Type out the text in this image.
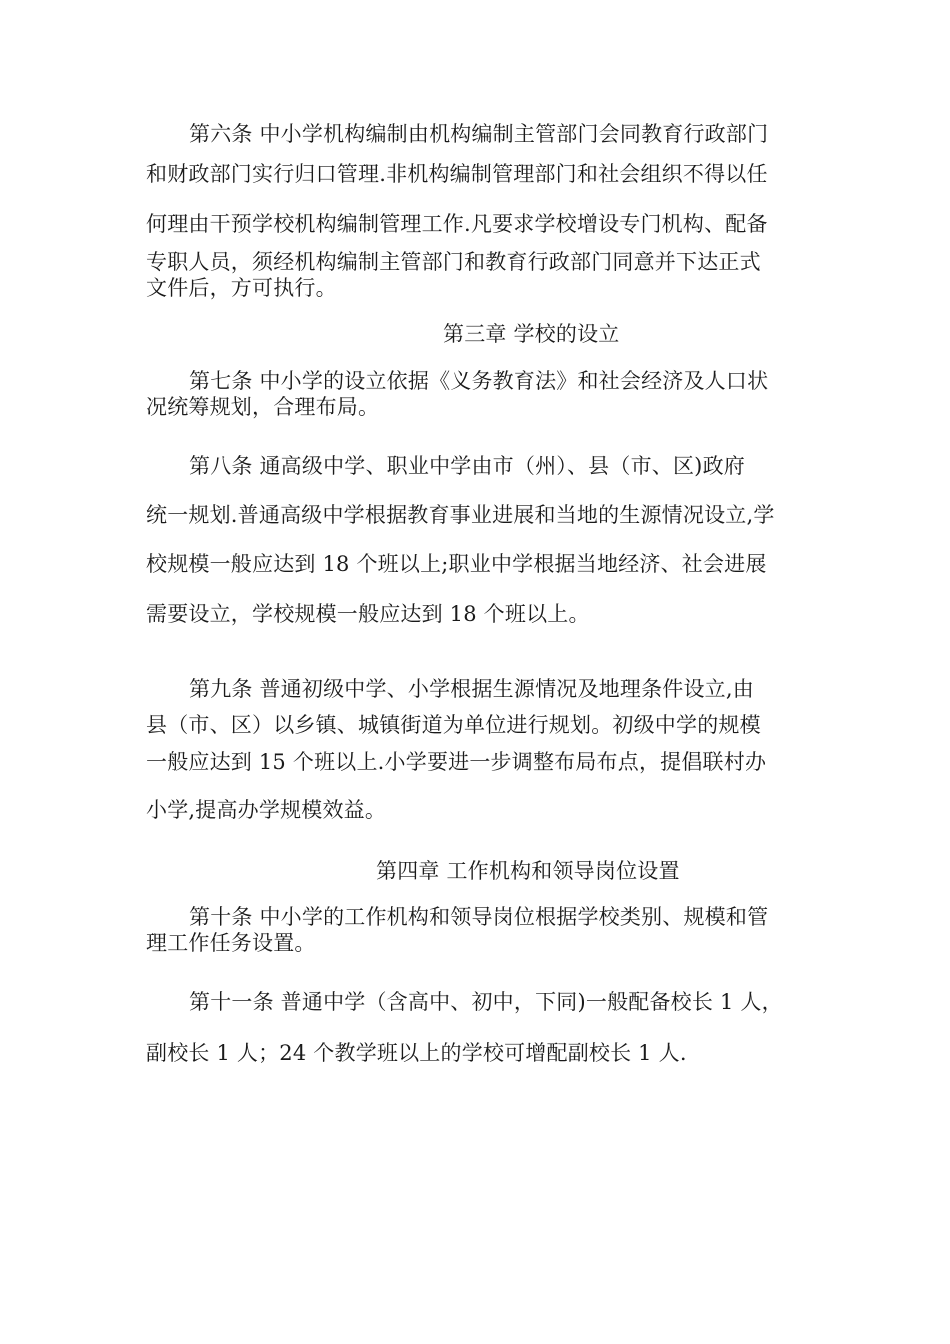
第六条 中小学机构编制由机构编制主管部门会同教育行政部门
和财政部门实行归口管理.非机构编制管理部门和社会组织不得以任
何理由干预学校机构编制管理工作.凡要求学校增设专门机构、配备
专职人员，须经机构编制主管部门和教育行政部门同意并下达正式
文件后，方可执行。
第三章 学校的设立
第七条 中小学的设立依据《义务教育法》和社会经济及人口状
况统筹规划，合理布局。
第八条 通高级中学、职业中学由市（州）、县（市、区)政府
统一规划.普通高级中学根据教育事业进展和当地的生源情况设立,学
校规模一般应达到 18 个班以上;职业中学根据当地经济、社会进展
需要设立，学校规模一般应达到 18 个班以上。
第九条 普通初级中学、小学根据生源情况及地理条件设立,由
县（市、区）以乡镇、城镇街道为单位进行规划。初级中学的规模
一般应达到 15 个班以上.小学要进一步调整布局布点，提倡联村办
小学,提高办学规模效益。
第四章 工作机构和领导岗位设置
第十条 中小学的工作机构和领导岗位根据学校类别、规模和管
理工作任务设置。
第十一条 普通中学（含高中、初中，下同)一般配备校长 1 人，
副校长 1 人；24 个教学班以上的学校可增配副校长 1 人.
